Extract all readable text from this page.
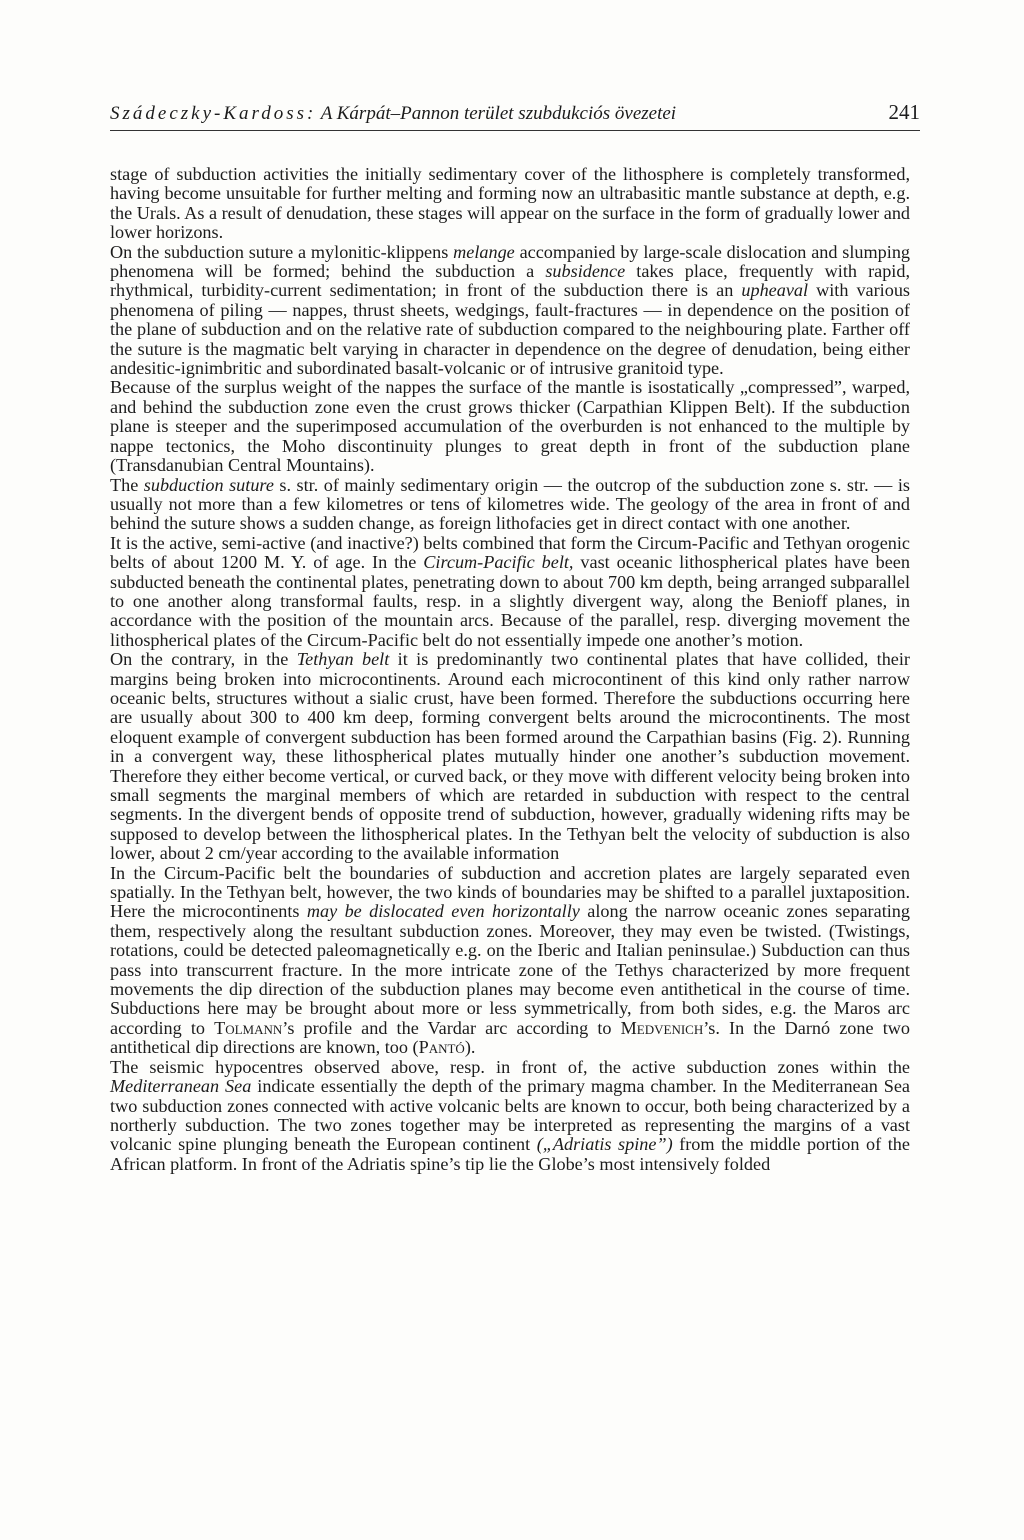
Szádeczky-Kardoss: A Kárpát–Pannon terület szubdukciós övezetei	241

stage of subduction activities the initially sedimentary cover of the lithosphere is completely transformed, having become unsuitable for further melting and forming now an ultrabasitic mantle substance at depth, e.g. the Urals. As a result of denudation, these stages will appear on the surface in the form of gradually lower and lower horizons.

On the subduction suture a mylonitic-klippens melange accompanied by large-scale dislocation and slumping phenomena will be formed; behind the subduction a subsidence takes place, frequently with rapid, rhythmical, turbidity-current sedimentation; in front of the subduction there is an upheaval with various phenomena of piling — nappes, thrust sheets, wedgings, fault-fractures — in dependence on the position of the plane of subduction and on the relative rate of subduction compared to the neighbouring plate. Farther off the suture is the magmatic belt varying in character in dependence on the degree of denudation, being either andesitic-ignimbritic and subordinated basalt-volcanic or of intrusive granitoid type.

Because of the surplus weight of the nappes the surface of the mantle is isostatically „compressed”, warped, and behind the subduction zone even the crust grows thicker (Carpathian Klippen Belt). If the subduction plane is steeper and the superimposed accumulation of the overburden is not enhanced to the multiple by nappe tectonics, the Moho discontinuity plunges to great depth in front of the subduction plane (Transdanubian Central Mountains).

The subduction suture s. str. of mainly sedimentary origin — the outcrop of the subduction zone s. str. — is usually not more than a few kilometres or tens of kilometres wide. The geology of the area in front of and behind the suture shows a sudden change, as foreign lithofacies get in direct contact with one another.

It is the active, semi-active (and inactive?) belts combined that form the Circum-Pacific and Tethyan orogenic belts of about 1200 M. Y. of age. In the Circum-Pacific belt, vast oceanic lithospherical plates have been subducted beneath the continental plates, penetrating down to about 700 km depth, being arranged subparallel to one another along transformal faults, resp. in a slightly divergent way, along the Benioff planes, in accordance with the position of the mountain arcs. Because of the parallel, resp. diverging movement the lithospherical plates of the Circum-Pacific belt do not essentially impede one another’s motion.

On the contrary, in the Tethyan belt it is predominantly two continental plates that have collided, their margins being broken into microcontinents. Around each microcontinent of this kind only rather narrow oceanic belts, structures without a sialic crust, have been formed. Therefore the subductions occurring here are usually about 300 to 400 km deep, forming convergent belts around the microcontinents. The most eloquent example of convergent subduction has been formed around the Carpathian basins (Fig. 2). Running in a convergent way, these lithospherical plates mutually hinder one another’s subduction movement. Therefore they either become vertical, or curved back, or they move with different velocity being broken into small segments the marginal members of which are retarded in subduction with respect to the central segments. In the divergent bends of opposite trend of subduction, however, gradually widening rifts may be supposed to develop between the lithospherical plates. In the Tethyan belt the velocity of subduction is also lower, about 2 cm/year according to the available information

In the Circum-Pacific belt the boundaries of subduction and accretion plates are largely separated even spatially. In the Tethyan belt, however, the two kinds of boundaries may be shifted to a parallel juxtaposition. Here the microcontinents may be dislocated even horizontally along the narrow oceanic zones separating them, respectively along the resultant subduction zones. Moreover, they may even be twisted. (Twistings, rotations, could be detected paleomagnetically e.g. on the Iberic and Italian peninsulae.) Subduction can thus pass into transcurrent fracture. In the more intricate zone of the Tethys characterized by more frequent movements the dip direction of the subduction planes may become even antithetical in the course of time. Subductions here may be brought about more or less symmetrically, from both sides, e.g. the Maros arc according to Tolmann’s profile and the Vardar arc according to Medvenich’s. In the Darnó zone two antithetical dip directions are known, too (Pantó).

The seismic hypocentres observed above, resp. in front of, the active subduction zones within the Mediterranean Sea indicate essentially the depth of the primary magma chamber. In the Mediterranean Sea two subduction zones connected with active volcanic belts are known to occur, both being characterized by a northerly subduction. The two zones together may be interpreted as representing the margins of a vast volcanic spine plunging beneath the European continent („Adriatis spine”) from the middle portion of the African platform. In front of the Adriatis spine’s tip lie the Globe’s most intensively folded
